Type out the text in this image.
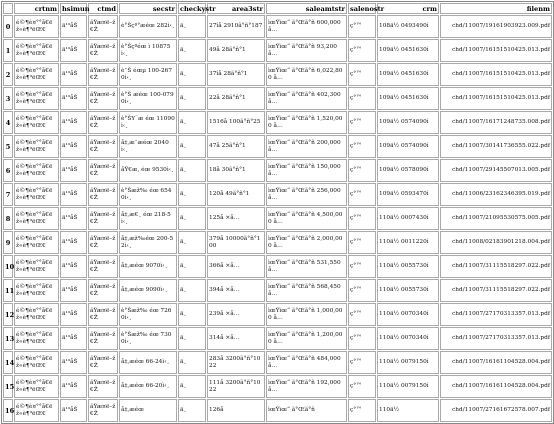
	crtnm	hsimun	ctmd	secstr	checkystr	area3str	saleamtstr	salenostr	crm	filenm
0	é©¶è¤°°å€ëž«è¶³ëŒ€	ä¹³åŠ	ãŸæ¤ë–ž€Ž	è°Šçº°æéœ 282ì‹¸	ä¸	27îå 2910ã°ñ°187	ìœŸìœ“ ã°Œã°ñ 600,000 å…	ç°™	108ä½ 0493490ì	chd/11007/19161903923.009.pdf
1	é©¶è¤°°å€ëž«è¶³ëŒ€	ä¹³åŠ	ãŸæ¤ë–ž€Ž	è°Šçºéœ ì 10875ì‹¸	ä¸	49å 28ã°ñ°1	ìœŸìœ“ ã°Œã°ñ 93,200 å…	ç°™	109ä½ 0451630ì	chd/11007/16151510425.013.pdf
2	é©¶è¤°°å€ëž«è¶³ëŒ€	ä¹³åŠ	ãŸæ¤ë–ž€Ž	è¯Š éœµ 100-2670ì‹¸	ä¸	37îå 28ã°ñ°1	ìœŸìœ“ ã°Œã°ñ 6,022,800 å…	ç°™	109ä½ 0451630ì	chd/11007/16151510425.013.pdf
3	é©¶è¤°°å€ëž«è¶³ëŒ€	ä¹³åŠ	ãŸæ¤ë–ž€Ž	è°Š æéœ 100-0790ì‹¸	ä¸	22å 28ã°ñ°1	ìœŸìœ“ ã°Œã°ñ 402,300 å…	ç°™	109ä½ 0451630ì	chd/11007/16151510425.013.pdf
4	é©¶è¤°°å€ëž«è¶³ëŒ€	ä¹³åŠ	ãŸæ¤ë–ž€Ž	è°ŠY¨æ éœ 11090ì‹¸	ä¸	1516å 100ã°ñ°25	ìœŸìœ“ ã°Œã°ñ 1,520,000 å…	ç°™	109ä½ 0574090ì	chd/11007/16171248735.008.pdf
5	é©¶è¤°°å€ëž«è¶³ëŒ€	ä¹³åŠ	ãŸæ¤ë–ž€Ž	å‡‚æ¯æéœ 2040ì‹¸	ä¸	47å 25ã°ñ°1	ìœŸìœ“ ã°Œã°ñ 200,000 å…	ç°™	109ä½ 0574090ì	chd/11007/30141736555.022.pdf
6	é©¶è¤°°å€ëž«è¶³ëŒ€	ä¹³åŠ	ãŸæ¤ë–ž€Ž	åŸ€æ‚ éœ 9530ì‹¸	ä¸	18å 30ã°ñ°1	ìœŸìœ“ ã°Œã°ñ 150,000 å…	ç°™	109ä½ 0578090ì	chd/11007/29145507013.005.pdf
7	é©¶è¤°°å€ëž«è¶³ëŒ€	ä¹³åŠ	ãŸæ¤ë–ž€Ž	è°Šæž‰ éœ 6540ì‹¸	ä¸	120å 49ã°ñ°1	ìœŸìœ“ ã°Œã°ñ 256,000 å…	ç°™	109ä½ 0593470ì	chd/11006/23162346395.019.pdf
8	é©¶è¤°°å€ëž«è¶³ëŒ€	ä¹³åŠ	ãŸæ¤ë–ž€Ž	å‡‚æ€¸ éœ 218-5ì‹¸	ä¸	125å ×å…	ìœŸìœ“ ã°Œã°ñ 4,500,000 å…	ç°™	110ä½ 0007430ì	chd/11007/21095530575.005.pdf
9	é©¶è¤°°å€ëž«è¶³ëŒ€	ä¹³åŠ	ãŸæ¤ë–ž€Ž	å‡‚æž‰éœ 200-52ì‹¸	ä¸	379å 10000ã°ñ°100	ìœŸìœ“ ã°Œã°ñ 2,000,000 å…	ç°™	110ä½ 0011220ì	chd/11008/02183901218.004.pdf
10	é©¶è¤°°å€ëž«è¶³ëŒ€	ä¹³åŠ	ãŸæ¤ë–ž€Ž	å‡‚æéœ 9070ì‹¸	ä¸	366å ×å…	ìœŸìœ“ ã°Œã°ñ 531,550 å…	ç°™	110ä½ 0055730ì	chd/11007/31115518297.022.pdf
11	é©¶è¤°°å€ëž«è¶³ëŒ€	ä¹³åŠ	ãŸæ¤ë–ž€Ž	å‡‚æéœ 9090ì‹¸	ä¸	394å ×å…	ìœŸìœ“ ã°Œã°ñ 568,450 å…	ç°™	110ä½ 0055730ì	chd/11007/31115518297.022.pdf
12	é©¶è¤°°å€ëž«è¶³ëŒ€	ä¹³åŠ	ãŸæ¤ë–ž€Ž	è°Šæž‰ éœ 7260ì‹¸	ä¸	239å ×å…	ìœŸìœ“ ã°Œã°ñ 1,000,000 å…	ç°™	110ä½ 0070340ì	chd/11007/27170313357.013.pdf
13	é©¶è¤°°å€ëž«è¶³ëŒ€	ä¹³åŠ	ãŸæ¤ë–ž€Ž	è°Šæž‰ éœ 7300ì‹¸	ä¸	314å ×å…	ìœŸìœ“ ã°Œã°ñ 1,200,000 å…	ç°™	110ä½ 0070340ì	chd/11007/27170313357.013.pdf
14	é©¶è¤°°å€ëž«è¶³ëŒ€	ä¹³åŠ	ãŸæ¤ë–ž€Ž	å‡‚æéœ 66-24ì‹¸	ä¸	283å 3200ã°ñ°1022	ìœŸìœ“ ã°Œã°ñ 484,000 å…	ç°™	110ä½ 0079150ì	chd/11007/16161104528.004.pdf
15	é©¶è¤°°å€ëž«è¶³ëŒ€	ä¹³åŠ	ãŸæ¤ë–ž€Ž	å‡‚æéœ 66-20ì‹¸	ä¸	111å 3200ã°ñ°1022	ìœŸìœ“ ã°Œã°ñ 192,000 å…	ç°™	110ä½ 0079150ì	chd/11007/16161104528.004.pdf
16	é©¶è¤°°å€ëž«è¶³ëŒ€	ä¹³åŠ	ãŸæ¤ë–ž€Ž	å‡‚æéœ	ä¸	126å	ìœŸìœ“ ã°Œã°ñ	ç°™	110ä½	chd/11007/27161672578.007.pdf
